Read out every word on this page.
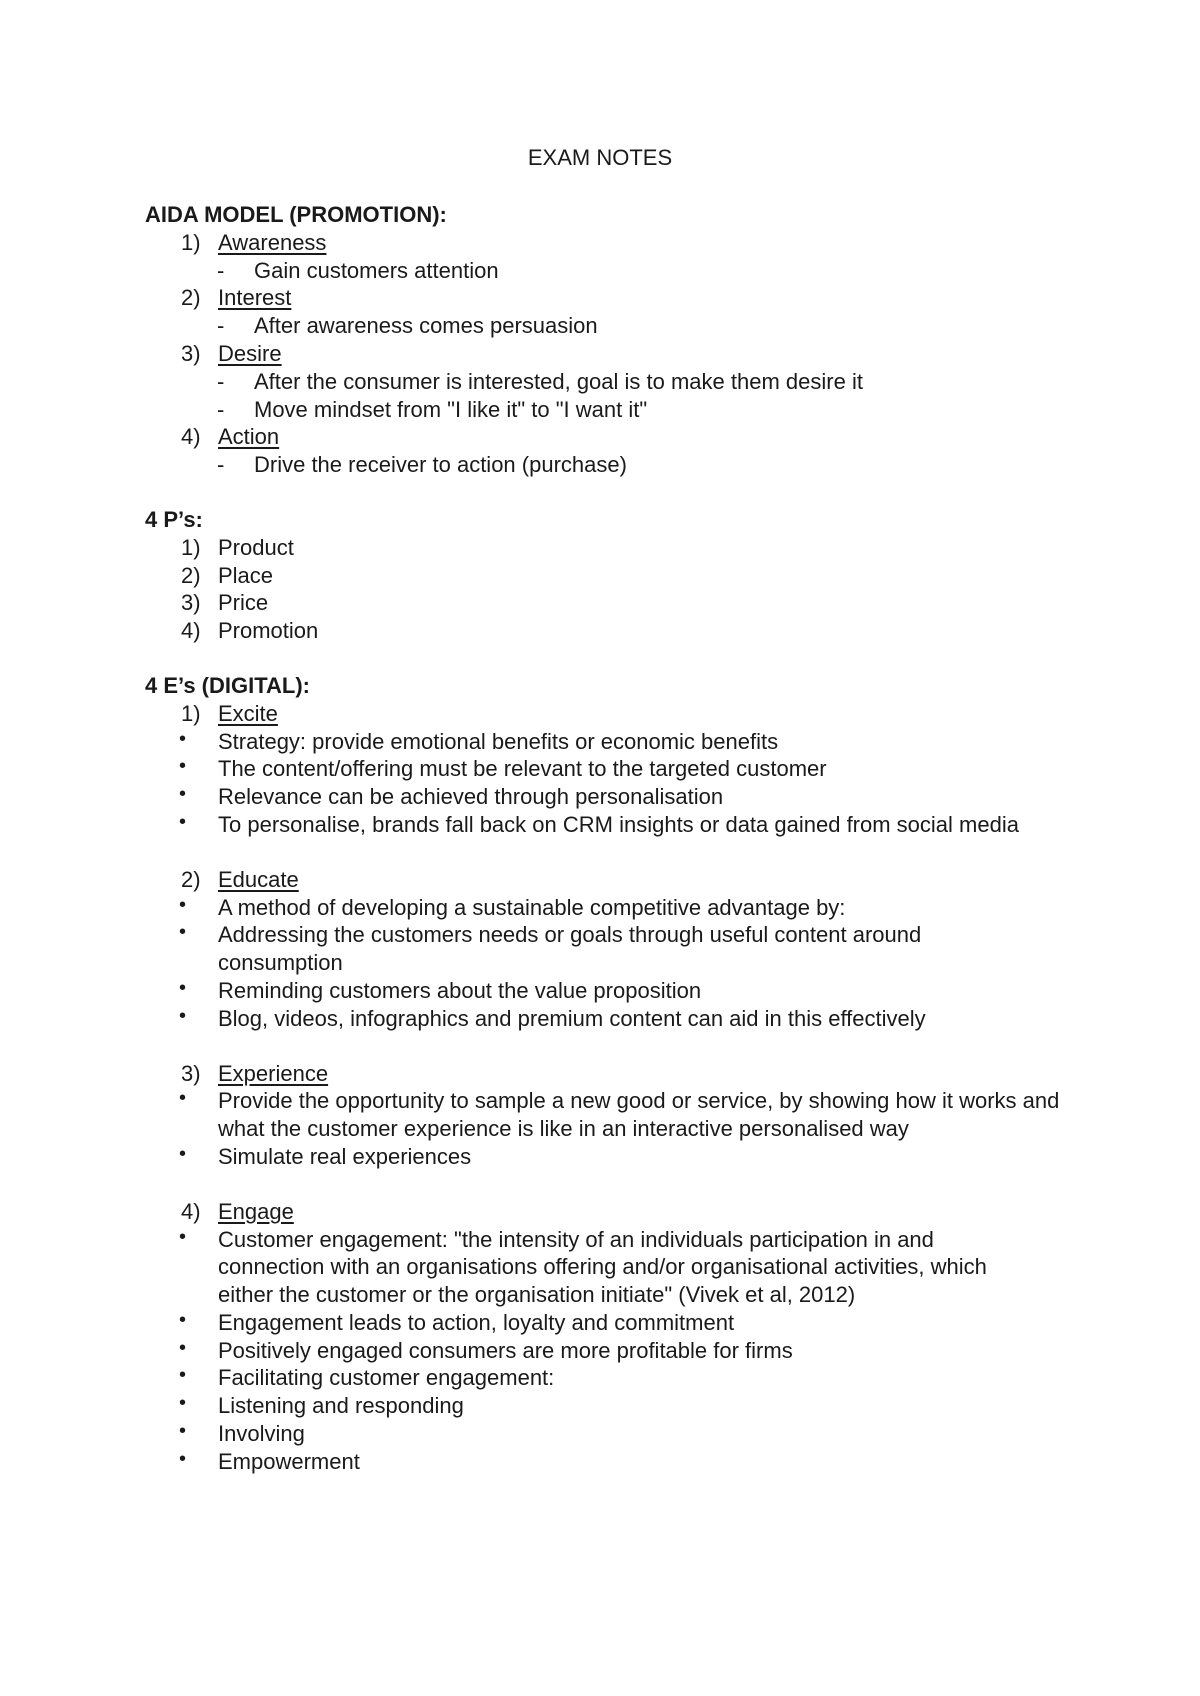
EXAM NOTES
AIDA MODEL (PROMOTION):
1) Awareness
- Gain customers attention
2) Interest
- After awareness comes persuasion
3) Desire
- After the consumer is interested, goal is to make them desire it
- Move mindset from "I like it" to "I want it"
4) Action
- Drive the receiver to action (purchase)
4 P’s:
1) Product
2) Place
3) Price
4) Promotion
4 E’s (DIGITAL):
1) Excite
• Strategy: provide emotional benefits or economic benefits
• The content/offering must be relevant to the targeted customer
• Relevance can be achieved through personalisation
•	To personalise, brands fall back on CRM insights or data gained from social media
2) Educate
• A method of developing a sustainable competitive advantage by:
•	Addressing the customers needs or goals through useful content around consumption
• Reminding customers about the value proposition
• Blog, videos, infographics and premium content can aid in this effectively
3) Experience
•	Provide the opportunity to sample a new good or service, by showing how it works and what the customer experience is like in an interactive personalised way
• Simulate real experiences
4) Engage
•	Customer engagement: "the intensity of an individuals participation in and connection with an organisations offering and/or organisational activities, which either the customer or the organisation initiate" (Vivek et al, 2012)
• Engagement leads to action, loyalty and commitment
• Positively engaged consumers are more profitable for firms
• Facilitating customer engagement:
• Listening and responding
• Involving
• Empowerment
